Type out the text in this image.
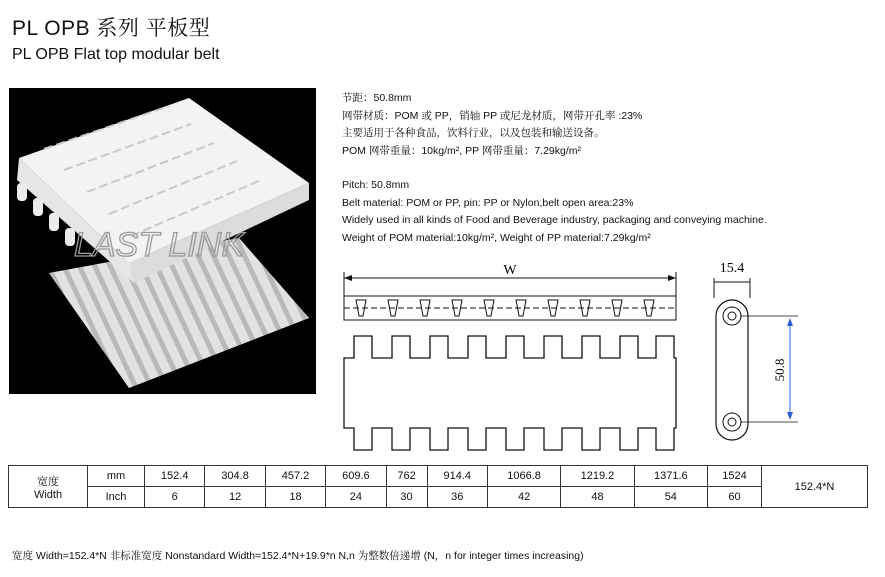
PL OPB 系列 平板型
PL OPB Flat top modular belt
LAST LINK

节距：50.8mm

网带材质：POM 或 PP，销轴 PP 或尼龙材质，网带开孔率 :23%

主要适用于各种食品，饮料行业，以及包装和输送设备。

POM 网带重量：10kg/m², PP 网带重量：7.29kg/m²

Pitch: 50.8mm

Belt material: POM or PP, pin: PP or Nylon,belt open area:23%

Widely used in all kinds of Food and Beverage industry, packaging and conveying machine.

Weight of POM material:10kg/m², Weight of PP material:7.29kg/m²

W	15.4
50.8
宽度
Width	mm	152.4	304.8	457.2	609.6	762	914.4	1066.8	1219.2	1371.6	1524	152.4*N
	Inch	6	12	18	24	30	36	42	48	54	60	
宽度 Width=152.4*N 非标准宽度 Nonstandard Width=152.4*N+19.9*n N,n 为整数倍递增 (N，n for integer times increasing)
